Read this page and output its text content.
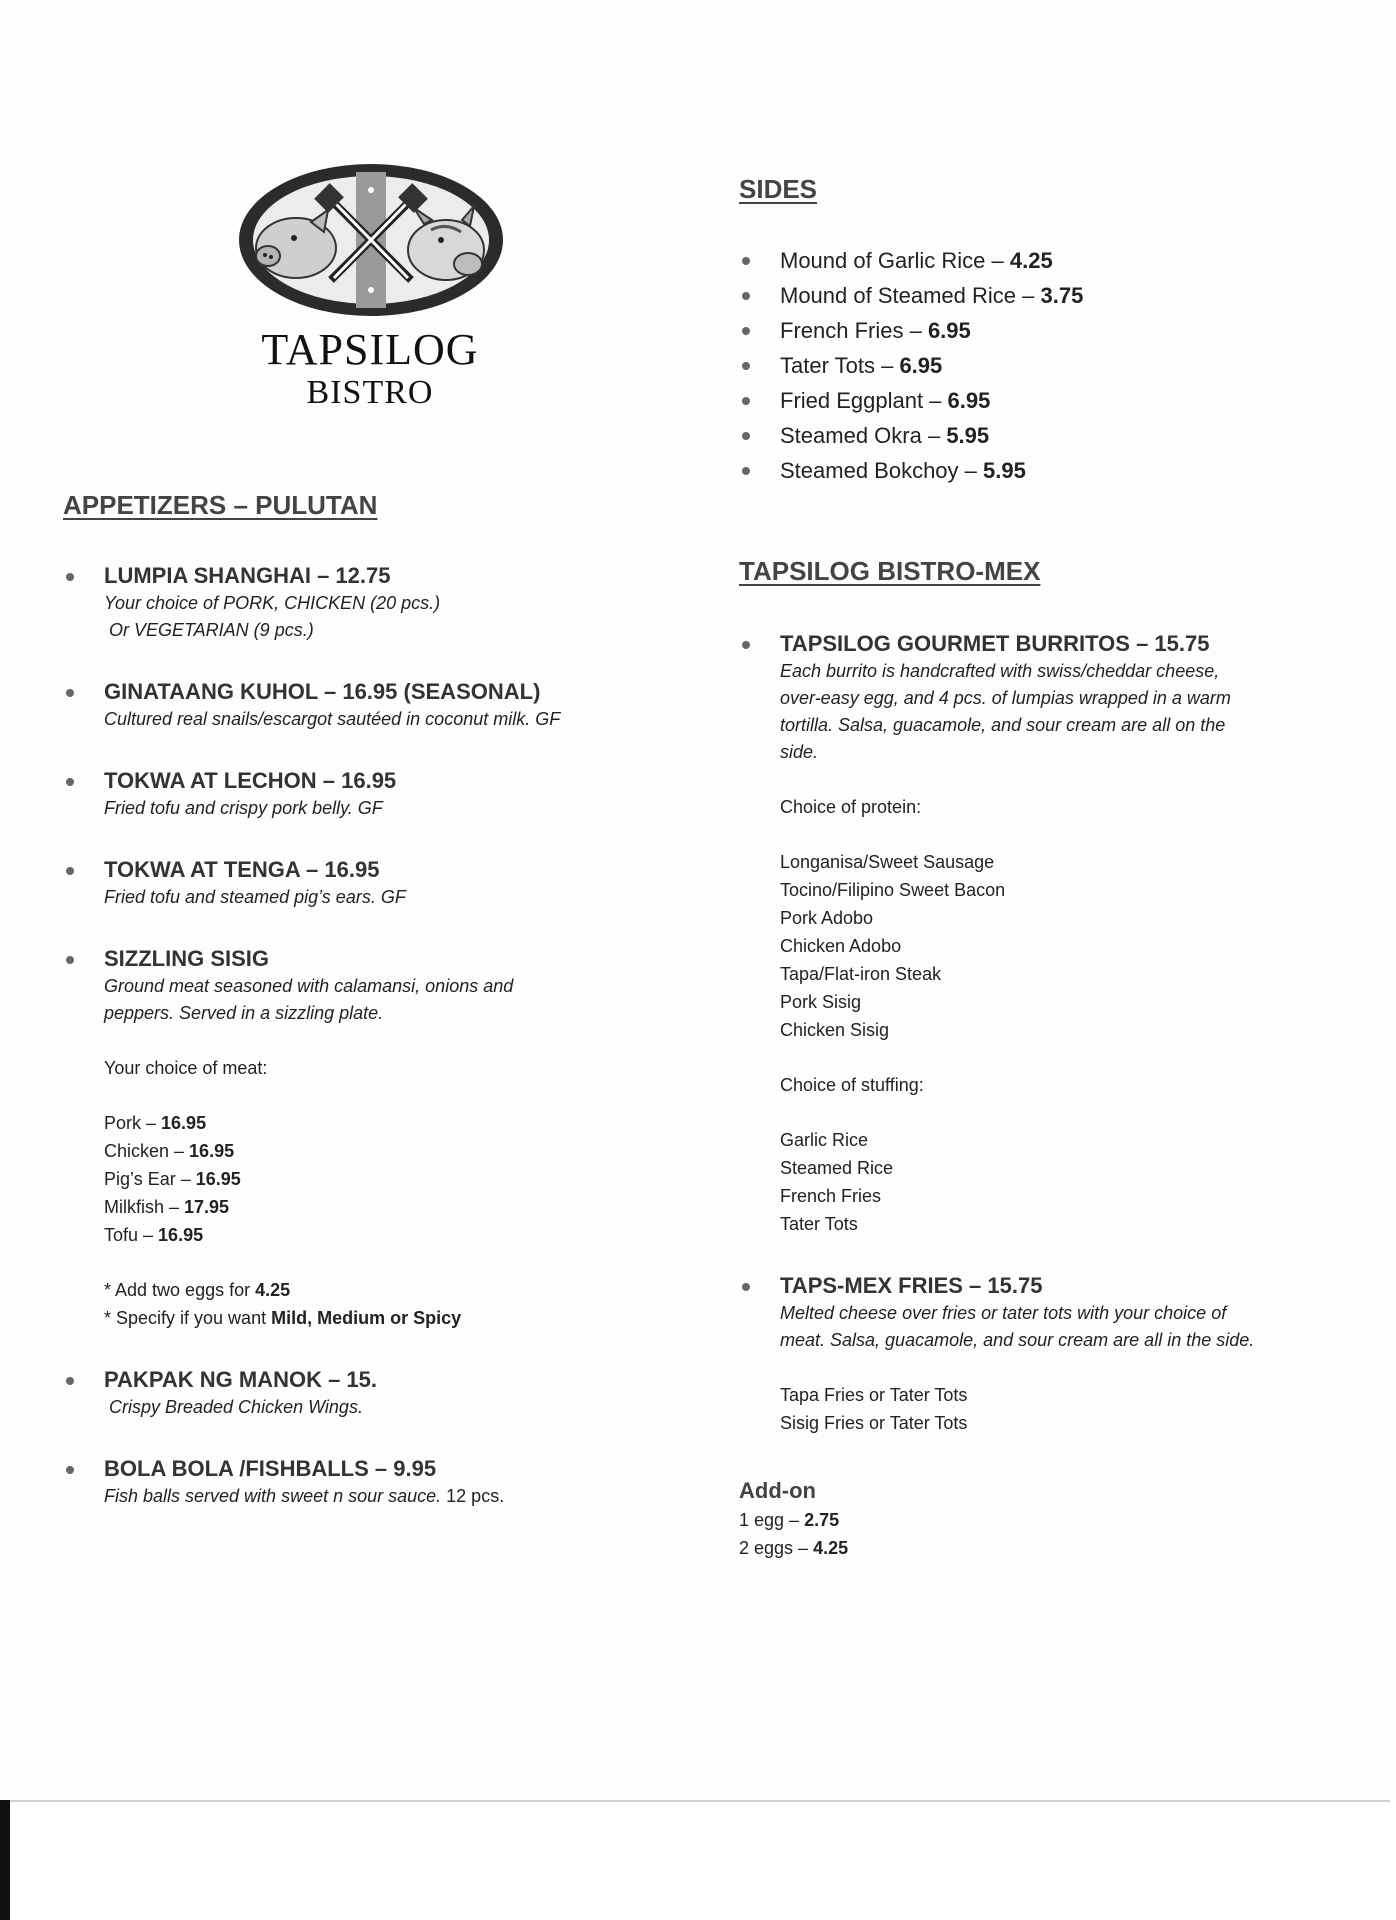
TAPSILOG
BISTRO
APPETIZERS – PULUTAN
LUMPIA SHANGHAI – 12.75
Your choice of PORK, CHICKEN (20 pcs.)
Or VEGETARIAN (9 pcs.)
GINATAANG KUHOL – 16.95 (SEASONAL)
Cultured real snails/escargot sautéed in coconut milk. GF
TOKWA AT LECHON – 16.95
Fried tofu and crispy pork belly. GF
TOKWA AT TENGA – 16.95
Fried tofu and steamed pig’s ears. GF
SIZZLING SISIG
Ground meat seasoned with calamansi, onions and
peppers. Served in a sizzling plate.
Your choice of meat:
Pork – 16.95
Chicken – 16.95
Pig’s Ear – 16.95
Milkfish – 17.95
Tofu – 16.95
* Add two eggs for 4.25
* Specify if you want Mild, Medium or Spicy
PAKPAK NG MANOK – 15.
Crispy Breaded Chicken Wings.
BOLA BOLA /FISHBALLS – 9.95
Fish balls served with sweet n sour sauce. 12 pcs.
SIDES
Mound of Garlic Rice – 4.25
Mound of Steamed Rice – 3.75
French Fries – 6.95
Tater Tots – 6.95
Fried Eggplant – 6.95
Steamed Okra – 5.95
Steamed Bokchoy – 5.95
TAPSILOG BISTRO-MEX
TAPSILOG GOURMET BURRITOS – 15.75
Each burrito is handcrafted with swiss/cheddar cheese,
over-easy egg, and 4 pcs. of lumpias wrapped in a warm
tortilla. Salsa, guacamole, and sour cream are all on the
side.
Choice of protein:
Longanisa/Sweet Sausage
Tocino/Filipino Sweet Bacon
Pork Adobo
Chicken Adobo
Tapa/Flat-iron Steak
Pork Sisig
Chicken Sisig
Choice of stuffing:
Garlic Rice
Steamed Rice
French Fries
Tater Tots
TAPS-MEX FRIES – 15.75
Melted cheese over fries or tater tots with your choice of
meat. Salsa, guacamole, and sour cream are all in the side.
Tapa Fries or Tater Tots
Sisig Fries or Tater Tots
Add-on
1 egg – 2.75
2 eggs – 4.25
